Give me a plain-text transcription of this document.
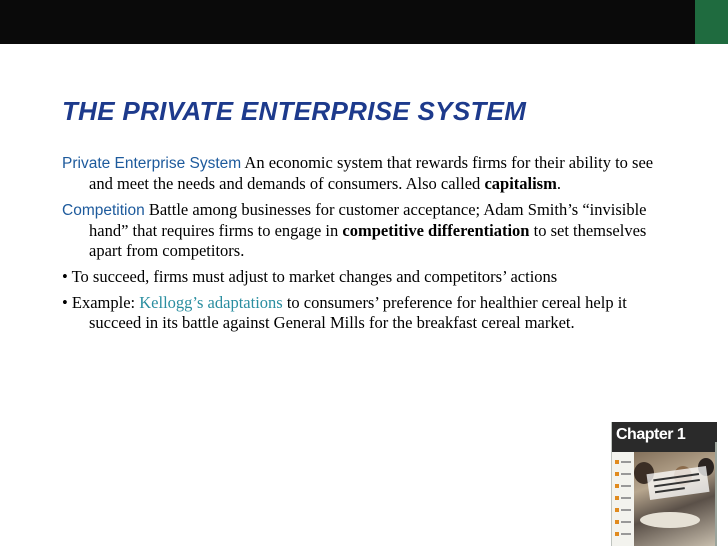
THE PRIVATE ENTERPRISE SYSTEM

Private Enterprise System An economic system that rewards firms for their ability to see and meet the needs and demands of consumers. Also called capitalism.

Competition Battle among businesses for customer acceptance; Adam Smith’s “invisible hand” that requires firms to engage in competitive differentiation to set themselves apart from competitors.

• To succeed, firms must adjust to market changes and competitors’ actions

• Example: Kellogg’s adaptations to consumers’ preference for healthier cereal help it succeed in its battle against General Mills for the breakfast cereal market.

Chapter 1
